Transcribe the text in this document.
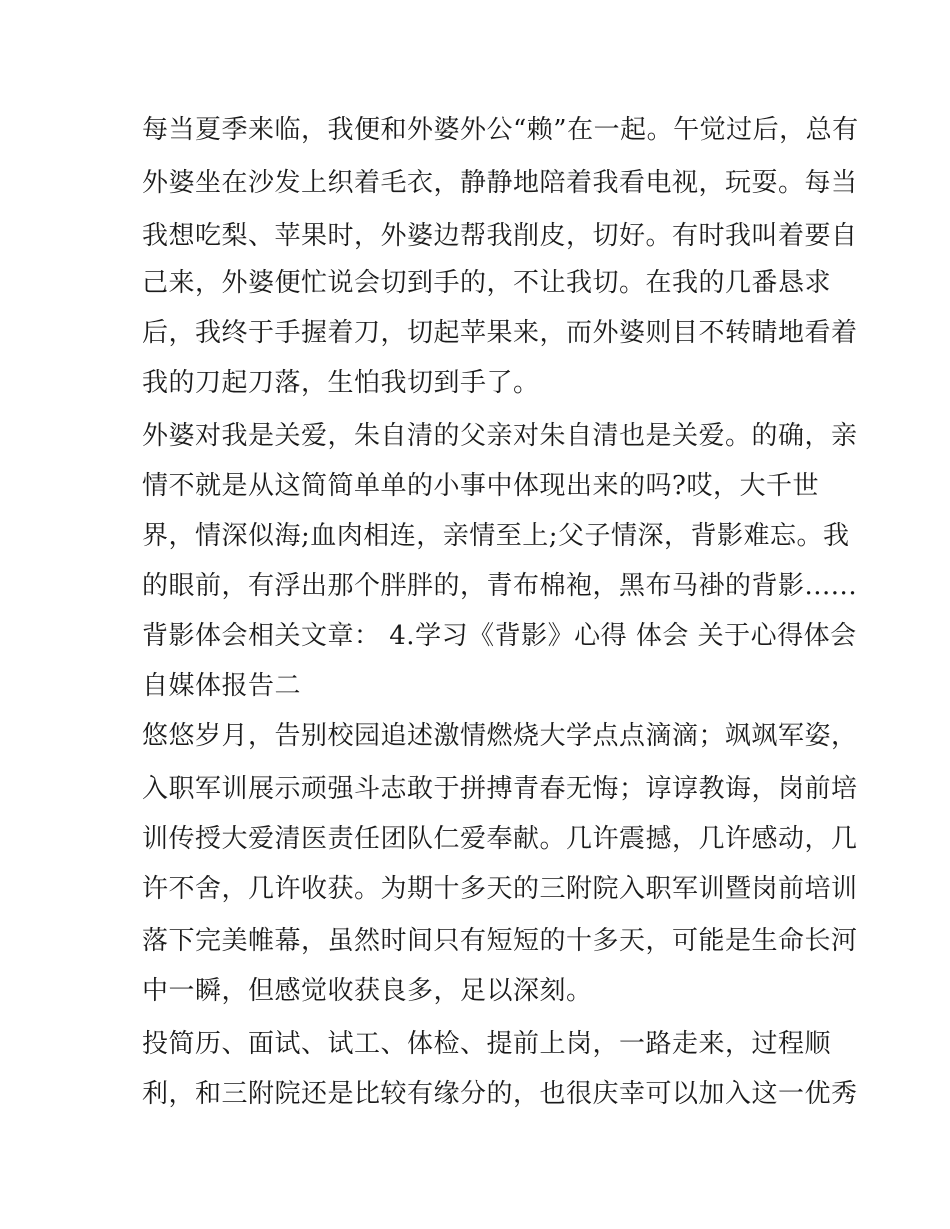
每当夏季来临，我便和外婆外公“赖”在一起。午觉过后，总有
外婆坐在沙发上织着毛衣，静静地陪着我看电视，玩耍。每当
我想吃梨、苹果时，外婆边帮我削皮，切好。有时我叫着要自
己来，外婆便忙说会切到手的，不让我切。在我的几番恳求
后，我终于手握着刀，切起苹果来，而外婆则目不转睛地看着
我的刀起刀落，生怕我切到手了。
外婆对我是关爱，朱自清的父亲对朱自清也是关爱。的确，亲
情不就是从这简简单单的小事中体现出来的吗?哎，大千世
界，情深似海;血肉相连，亲情至上;父子情深，背影难忘。我
的眼前，有浮出那个胖胖的，青布棉袍，黑布马褂的背影......
背影体会相关文章： 4.学习《背影》心得 体会 关于心得体会
自媒体报告二
悠悠岁月，告别校园追述激情燃烧大学点点滴滴；飒飒军姿，
入职军训展示顽强斗志敢于拼搏青春无悔；谆谆教诲，岗前培
训传授大爱清医责任团队仁爱奉献。几许震撼，几许感动，几
许不舍，几许收获。为期十多天的三附院入职军训暨岗前培训
落下完美帷幕，虽然时间只有短短的十多天，可能是生命长河
中一瞬，但感觉收获良多，足以深刻。
投简历、面试、试工、体检、提前上岗，一路走来，过程顺
利，和三附院还是比较有缘分的，也很庆幸可以加入这一优秀
